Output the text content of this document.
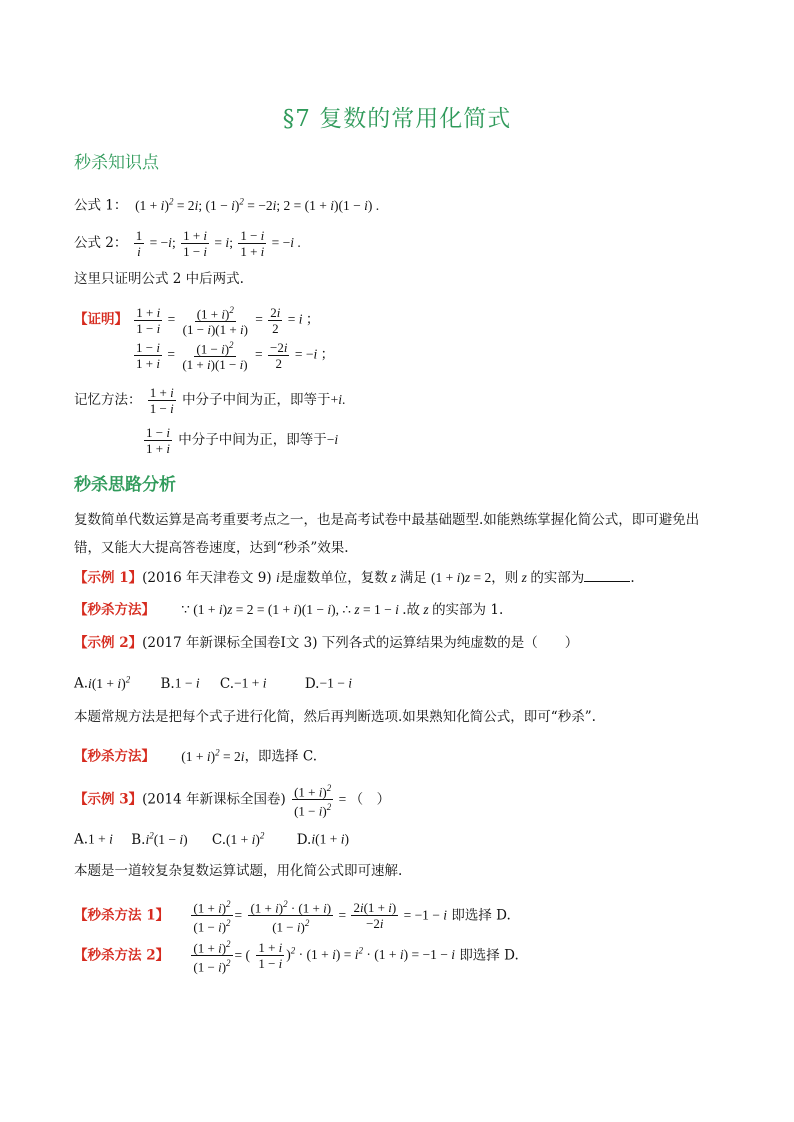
§7 复数的常用化简式
秒杀知识点
公式 1： $(1 + i)^2 = 2i$; $(1 - i)^2 = -2i$; 2 = (1 + i)(1 − i) .
公式 2： $\frac{1}{i} = -i$; $\frac{1 + i}{1 - i} = i$; $\frac{1 - i}{1 + i} = -i$ .
这里只证明公式 2 中后两式.
【证明】 $\frac{1 + i}{1 - i} = \frac{(1 + i)^2}{(1 - i)(1 + i)} = \frac{2i}{2} = i$ ；
$\frac{1 - i}{1 + i} = \frac{(1 - i)^2}{(1 + i)(1 - i)} = \frac{-2i}{2} = -i$ ；
记忆方法： $\frac{1 + i}{1 - i}$ 中分子中间为正，即等于+i.
$\frac{1 - i}{1 + i}$ 中分子中间为正，即等于−i
秒杀思路分析
复数简单代数运算是高考重要考点之一，也是高考试卷中最基础题型.如能熟练掌握化简公式，即可避免出错，又能大大提高答卷速度，达到“秒杀”效果.
【示例 1】(2016 年天津卷文 9) i是虚数单位，复数 z 满足 (1 + i)z = 2，则 z 的实部为	.
【秒杀方法】 ∵ (1 + i)z = 2 = (1 + i)(1 − i), ∴ z = 1 − i .故 z 的实部为 1.
【示例 2】(2017 年新课标全国卷Ⅰ文 3) 下列各式的运算结果为纯虚数的是（　　）
$A.i(1 + i)^2$ B.1 − i C.−1 + i	D.−1 − i
本题常规方法是把每个式子进行化简，然后再判断选项.如果熟知化简公式，即可“秒杀”.
【秒杀方法】 $(1 + i)^2 = 2i$，即选择 C.
【示例 3】(2014 年新课标全国卷) $\frac{(1 + i)^2}{(1 - i)^2}$ = （　）
A.1 + i $B.i^2(1 - i) C.(1 + i)^2$ D.i(1 + i)
本题是一道较复杂复数运算试题，用化简公式即可速解.
【秒杀方法 1】 $\frac{(1 + i)^2}{(1 - i)^2} = \frac{(1 + i)^2 \cdot (1 + i)}{(1 - i)^2} = \frac{2i(1 + i)}{-2i} = -1 - i$ 即选择 D.
【秒杀方法 2】 $\frac{(1 + i)^2}{(1 - i)^2}$ = ( $\frac{1 + i}{1 - i} )^2 \cdot (1 + i) = i^2 \cdot (1 + i) = -1 - i$ 即选择 D.
